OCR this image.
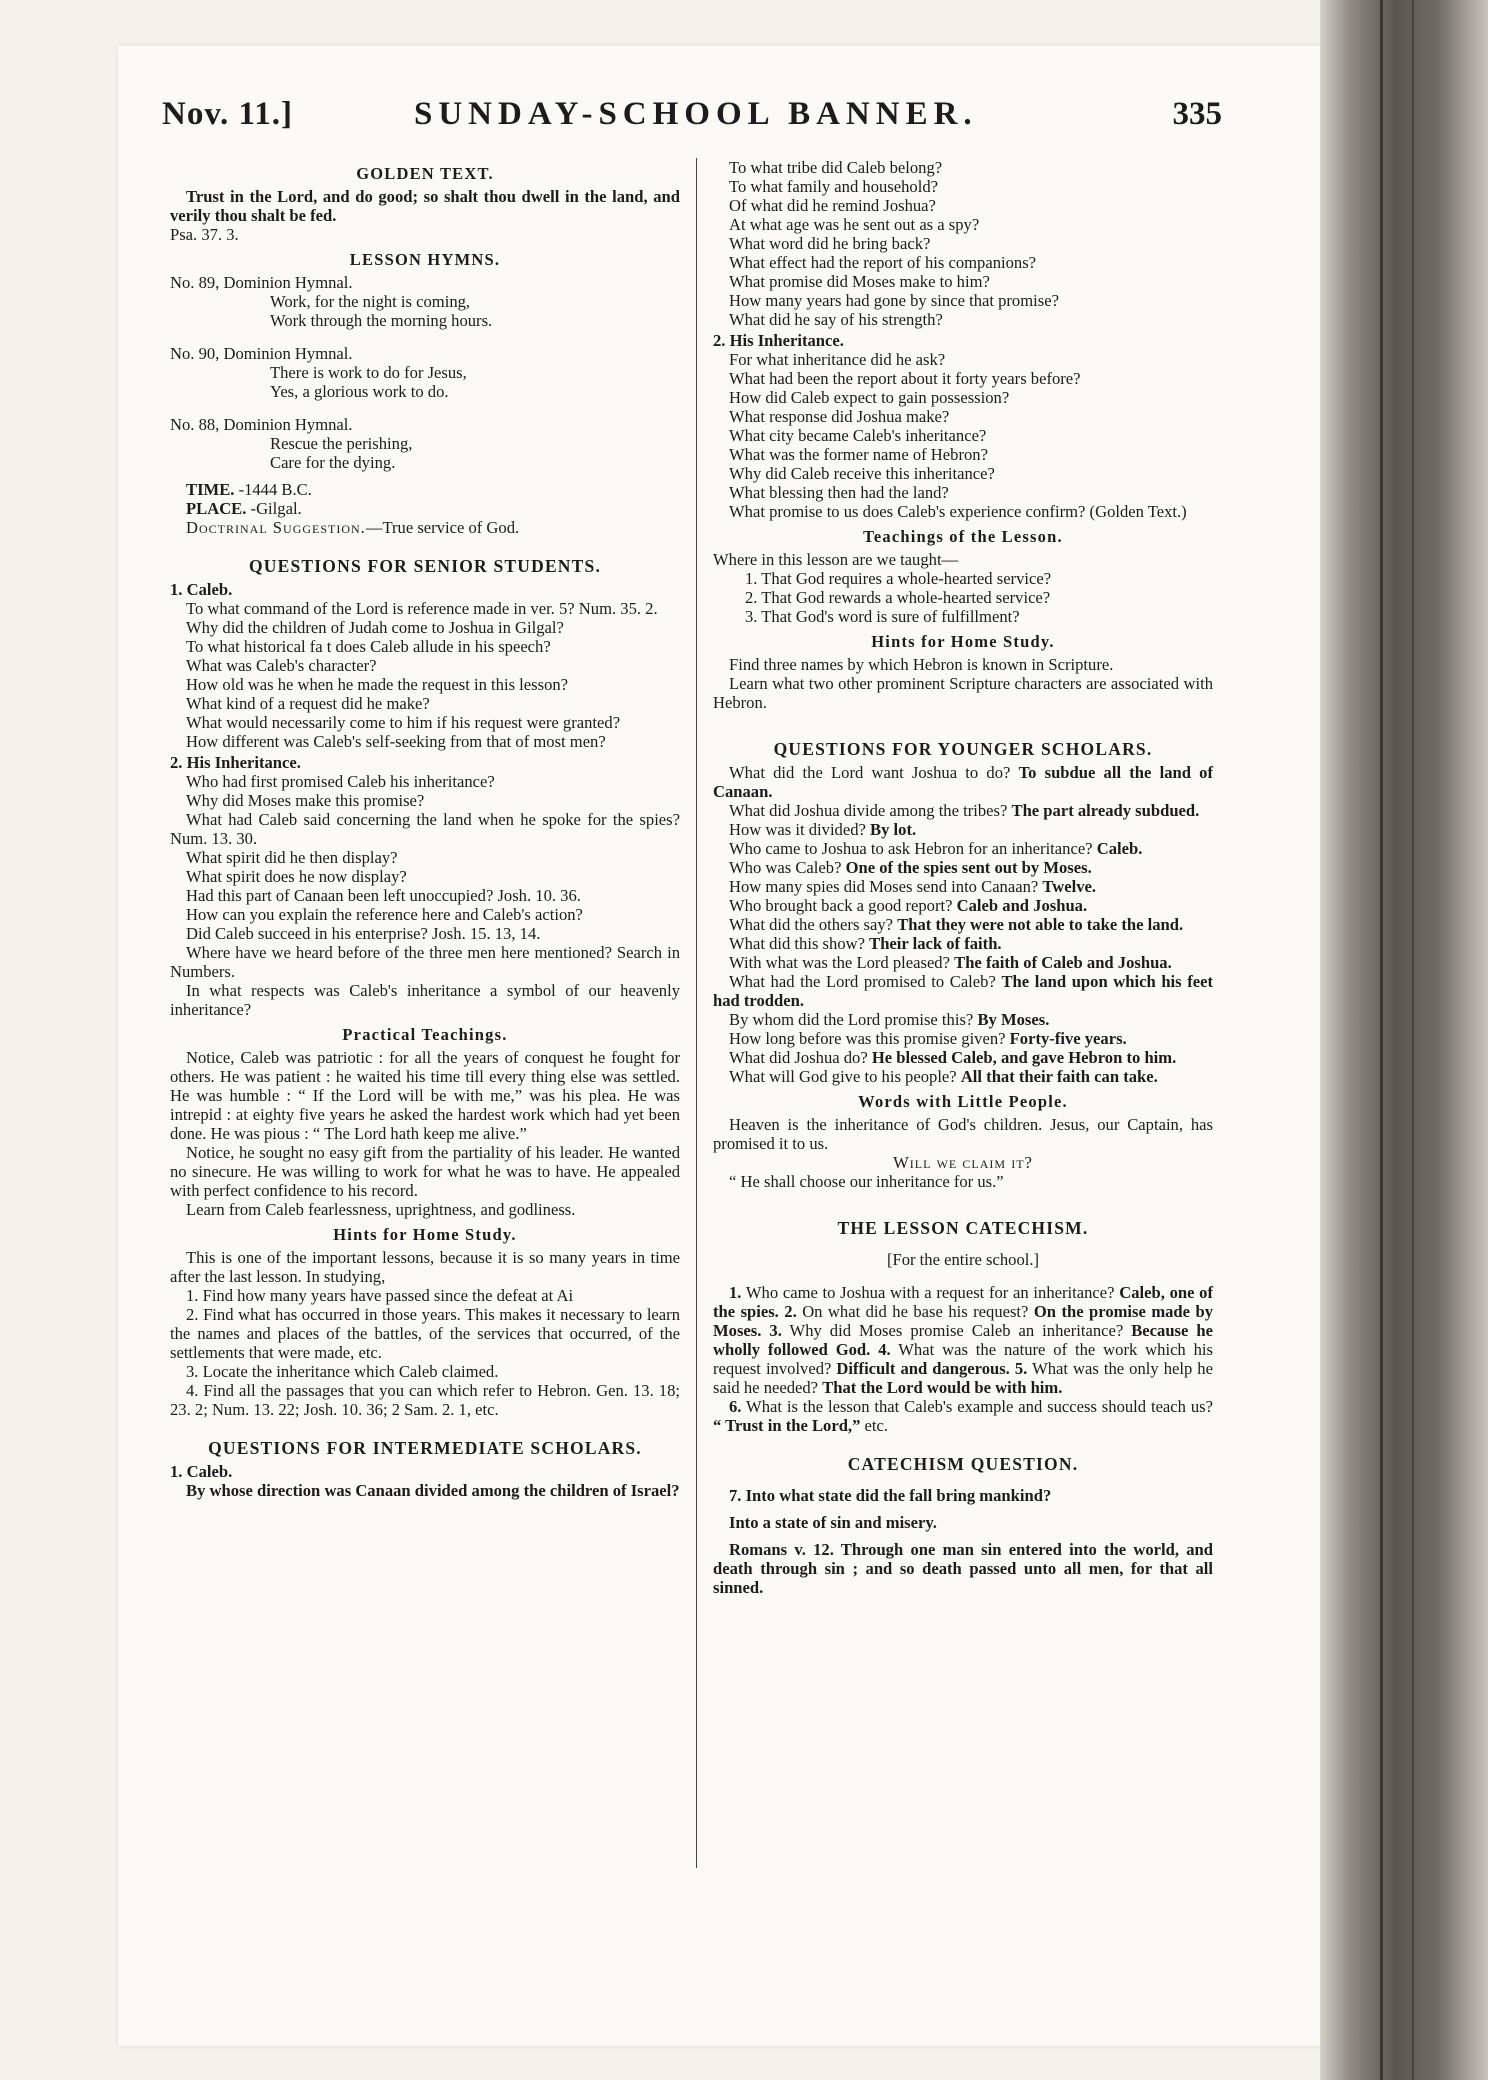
Nov. 11.]	SUNDAY-SCHOOL BANNER.	335
GOLDEN TEXT.

Trust in the Lord, and do good; so shalt thou dwell in the land, and verily thou shalt be fed.

Psa. 37. 3.

LESSON HYMNS.

No. 89, Dominion Hymnal.

Work, for the night is coming,

Work through the morning hours.

No. 90, Dominion Hymnal.

There is work to do for Jesus,

Yes, a glorious work to do.

No. 88, Dominion Hymnal.

Rescue the perishing,

Care for the dying.

TIME. -1444 B.C.

PLACE. -Gilgal.

Doctrinal Suggestion.—True service of God.

QUESTIONS FOR SENIOR STUDENTS.

1. Caleb.

To what command of the Lord is reference made in ver. 5? Num. 35. 2.

Why did the children of Judah come to Joshua in Gilgal?

To what historical fa t does Caleb allude in his speech?

What was Caleb's character?

How old was he when he made the request in this lesson?

What kind of a request did he make?

What would necessarily come to him if his request were granted?

How different was Caleb's self-seeking from that of most men?

2. His Inheritance.

Who had first promised Caleb his inheritance?

Why did Moses make this promise?

What had Caleb said concerning the land when he spoke for the spies? Num. 13. 30.

What spirit did he then display?

What spirit does he now display?

Had this part of Canaan been left unoccupied? Josh. 10. 36.

How can you explain the reference here and Caleb's action?

Did Caleb succeed in his enterprise? Josh. 15. 13, 14.

Where have we heard before of the three men here mentioned? Search in Numbers.

In what respects was Caleb's inheritance a symbol of our heavenly inheritance?

Practical Teachings.

Notice, Caleb was patriotic : for all the years of conquest he fought for others. He was patient : he waited his time till every thing else was settled. He was humble : “ If the Lord will be with me,” was his plea. He was intrepid : at eighty five years he asked the hardest work which had yet been done. He was pious : “ The Lord hath keep me alive.”

Notice, he sought no easy gift from the partiality of his leader. He wanted no sinecure. He was willing to work for what he was to have. He appealed with perfect confidence to his record.

Learn from Caleb fearlessness, uprightness, and godliness.

Hints for Home Study.

This is one of the important lessons, because it is so many years in time after the last lesson. In studying,

1. Find how many years have passed since the defeat at Ai

2. Find what has occurred in those years. This makes it necessary to learn the names and places of the battles, of the services that occurred, of the settlements that were made, etc.

3. Locate the inheritance which Caleb claimed.

4. Find all the passages that you can which refer to Hebron. Gen. 13. 18; 23. 2; Num. 13. 22; Josh. 10. 36; 2 Sam. 2. 1, etc.

QUESTIONS FOR INTERMEDIATE SCHOLARS.

1. Caleb.

By whose direction was Canaan divided among the children of Israel?

To what tribe did Caleb belong?

To what family and household?

Of what did he remind Joshua?

At what age was he sent out as a spy?

What word did he bring back?

What effect had the report of his companions?

What promise did Moses make to him?

How many years had gone by since that promise?

What did he say of his strength?

2. His Inheritance.

For what inheritance did he ask?

What had been the report about it forty years before?

How did Caleb expect to gain possession?

What response did Joshua make?

What city became Caleb's inheritance?

What was the former name of Hebron?

Why did Caleb receive this inheritance?

What blessing then had the land?

What promise to us does Caleb's experience confirm? (Golden Text.)

Teachings of the Lesson.

Where in this lesson are we taught—

1. That God requires a whole-hearted service?

2. That God rewards a whole-hearted service?

3. That God's word is sure of fulfillment?

Hints for Home Study.

Find three names by which Hebron is known in Scripture.

Learn what two other prominent Scripture characters are associated with Hebron.

QUESTIONS FOR YOUNGER SCHOLARS.

What did the Lord want Joshua to do? To subdue all the land of Canaan.

What did Joshua divide among the tribes? The part already subdued.

How was it divided? By lot.

Who came to Joshua to ask Hebron for an inheritance? Caleb.

Who was Caleb? One of the spies sent out by Moses.

How many spies did Moses send into Canaan? Twelve.

Who brought back a good report? Caleb and Joshua.

What did the others say? That they were not able to take the land.

What did this show? Their lack of faith.

With what was the Lord pleased? The faith of Caleb and Joshua.

What had the Lord promised to Caleb? The land upon which his feet had trodden.

By whom did the Lord promise this? By Moses.

How long before was this promise given? Forty-five years.

What did Joshua do? He blessed Caleb, and gave Hebron to him.

What will God give to his people? All that their faith can take.

Words with Little People.

Heaven is the inheritance of God's children. Jesus, our Captain, has promised it to us.

Will we claim it?

“ He shall choose our inheritance for us.”

THE LESSON CATECHISM.

[For the entire school.]

1. Who came to Joshua with a request for an inheritance? Caleb, one of the spies. 2. On what did he base his request? On the promise made by Moses. 3. Why did Moses promise Caleb an inheritance? Because he wholly followed God. 4. What was the nature of the work which his request involved? Difficult and dangerous. 5. What was the only help he said he needed? That the Lord would be with him.

6. What is the lesson that Caleb's example and success should teach us? “ Trust in the Lord,” etc.

CATECHISM QUESTION.

7. Into what state did the fall bring mankind?

Into a state of sin and misery.

Romans v. 12. Through one man sin entered into the world, and death through sin ; and so death passed unto all men, for that all sinned.
